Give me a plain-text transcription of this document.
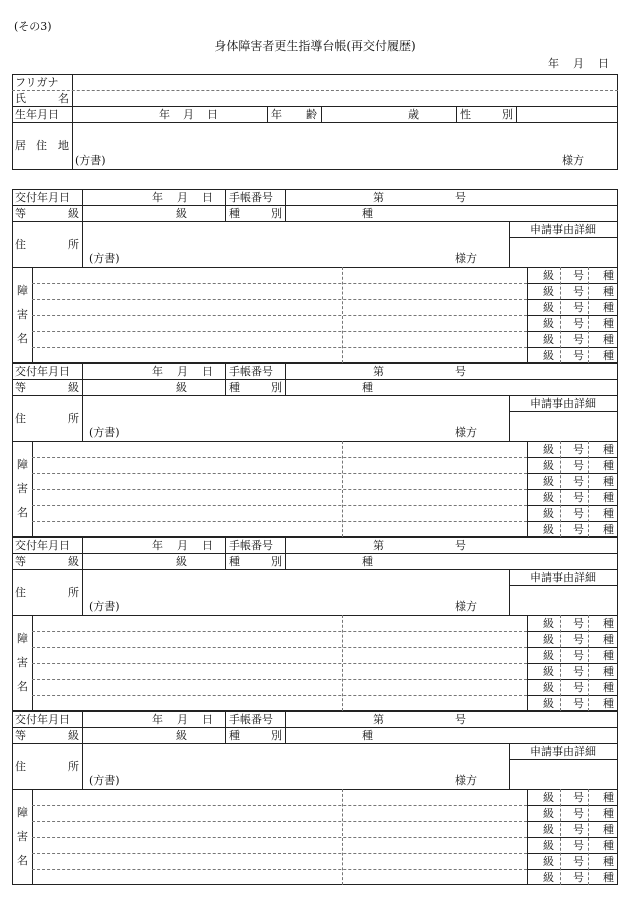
(その3)
身体障害者更生指導台帳(再交付履歴)
年 月 日
フリガナ
氏	名
生年月日	年 月 日	年 齢	歳	性	別
居 住 地
(方書)	様方
交付年月日	年 月 日 手帳番号	第	号
等	級	級	種	別	種
住	所
(方書)	様方
申請事由詳細
級 号 種
級 号 種
級 号 種
級 号 種
級 号 種
級 号 種
障
害
名
交付年月日	年 月 日 手帳番号	第	号
等	級	級	種	別	種
住	所
(方書)	様方
申請事由詳細
級 号 種
級 号 種
級 号 種
級 号 種
級 号 種
級 号 種
障
害
名
交付年月日	年 月 日 手帳番号	第	号
等	級	級	種	別	種
住	所
(方書)	様方
申請事由詳細
級 号 種
級 号 種
級 号 種
級 号 種
級 号 種
級 号 種
障
害
名
交付年月日	年 月 日 手帳番号	第	号
等	級	級	種	別	種
住	所
(方書)	様方
申請事由詳細
級 号 種
級 号 種
級 号 種
級 号 種
級 号 種
級 号 種
障
害
名
